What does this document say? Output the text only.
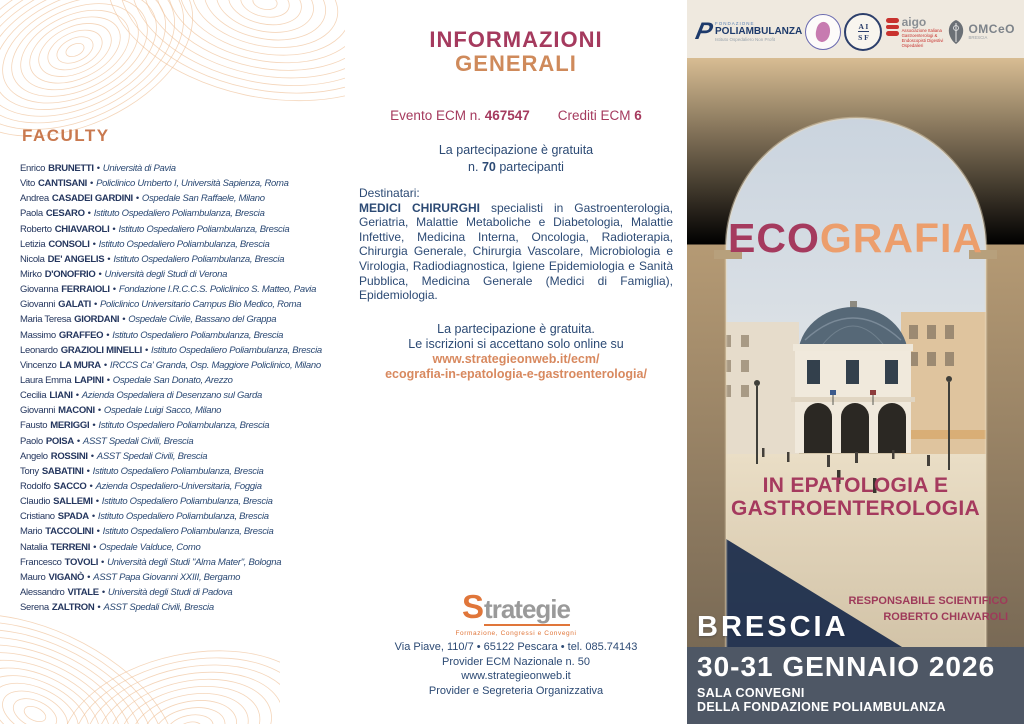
FACULTY
Enrico BRUNETTI • Università di Pavia
Vito CANTISANI • Policlinico Umberto I, Università Sapienza, Roma
Andrea CASADEI GARDINI • Ospedale San Raffaele, Milano
Paola CESARO • Istituto Ospedaliero Poliambulanza, Brescia
Roberto CHIAVAROLI • Istituto Ospedaliero Poliambulanza, Brescia
Letizia CONSOLI • Istituto Ospedaliero Poliambulanza, Brescia
Nicola DE' ANGELIS • Istituto Ospedaliero Poliambulanza, Brescia
Mirko D'ONOFRIO • Università degli Studi di Verona
Giovanna FERRAIOLI • Fondazione I.R.C.C.S. Policlinico S. Matteo, Pavia
Giovanni GALATI • Policlinico Universitario Campus Bio Medico, Roma
Maria Teresa GIORDANI • Ospedale Civile, Bassano del Grappa
Massimo GRAFFEO • Istituto Ospedaliero Poliambulanza, Brescia
Leonardo GRAZIOLI MINELLI • Istituto Ospedaliero Poliambulanza, Brescia
Vincenzo LA MURA • IRCCS Ca' Granda, Osp. Maggiore Policlinico, Milano
Laura Emma LAPINI • Ospedale San Donato, Arezzo
Cecilia LIANI • Azienda Ospedaliera di Desenzano sul Garda
Giovanni MACONI • Ospedale Luigi Sacco, Milano
Fausto MERIGGI • Istituto Ospedaliero Poliambulanza, Brescia
Paolo POISA • ASST Spedali Civili, Brescia
Angelo ROSSINI • ASST Spedali Civili, Brescia
Tony SABATINI • Istituto Ospedaliero Poliambulanza, Brescia
Rodolfo SACCO • Azienda Ospedaliero-Universitaria, Foggia
Claudio SALLEMI • Istituto Ospedaliero Poliambulanza, Brescia
Cristiano SPADA • Istituto Ospedaliero Poliambulanza, Brescia
Mario TACCOLINI • Istituto Ospedaliero Poliambulanza, Brescia
Natalia TERRENI • Ospedale Valduce, Como
Francesco TOVOLI • Università degli Studi "Alma Mater", Bologna
Mauro VIGANÒ • ASST Papa Giovanni XXIII, Bergamo
Alessandro VITALE • Università degli Studi di Padova
Serena ZALTRON • ASST Spedali Civili, Brescia
INFORMAZIONI
GENERALI
Evento ECM n. 467547 Crediti ECM 6
La partecipazione è gratuita
n. 70 partecipanti

Destinatari:
MEDICI CHIRURGHI specialisti in Gastroenterologia, Geriatria, Malattie Metaboliche e Diabetologia, Malattie Infettive, Medicina Interna, Oncologia, Radioterapia, Chirurgia Generale, Chirurgia Vascolare, Microbiologia e Virologia, Radiodiagnostica, Igiene Epidemiologia e Sanità Pubblica, Medicina Generale (Medici di Famiglia), Epidemiologia.

La partecipazione è gratuita.
Le iscrizioni si accettano solo online su
www.strategieonweb.it/ecm/
ecografia-in-epatologia-e-gastroenterologia/
Strategie
Formazione, Congressi e Convegni
Via Piave, 110/7 • 65122 Pescara • tel. 085.74143
Provider ECM Nazionale n. 50
www.strategieonweb.it
Provider e Segreteria Organizzativa
P FONDAZIONE
POLIAMBULANZA
Istituto Ospedaliero Non Profit
A I
S F
aigo
Associazione Italiana
Gastroenterologi &
Endoscopisti Digestivi
Ospedalieri
OMCeO
BRESCIA
ECOGRAFIA
IN EPATOLOGIA E
GASTROENTEROLOGIA
RESPONSABILE SCIENTIFICO
ROBERTO CHIAVAROLI
BRESCIA
30-31 GENNAIO 2026
SALA CONVEGNI
DELLA FONDAZIONE POLIAMBULANZA
